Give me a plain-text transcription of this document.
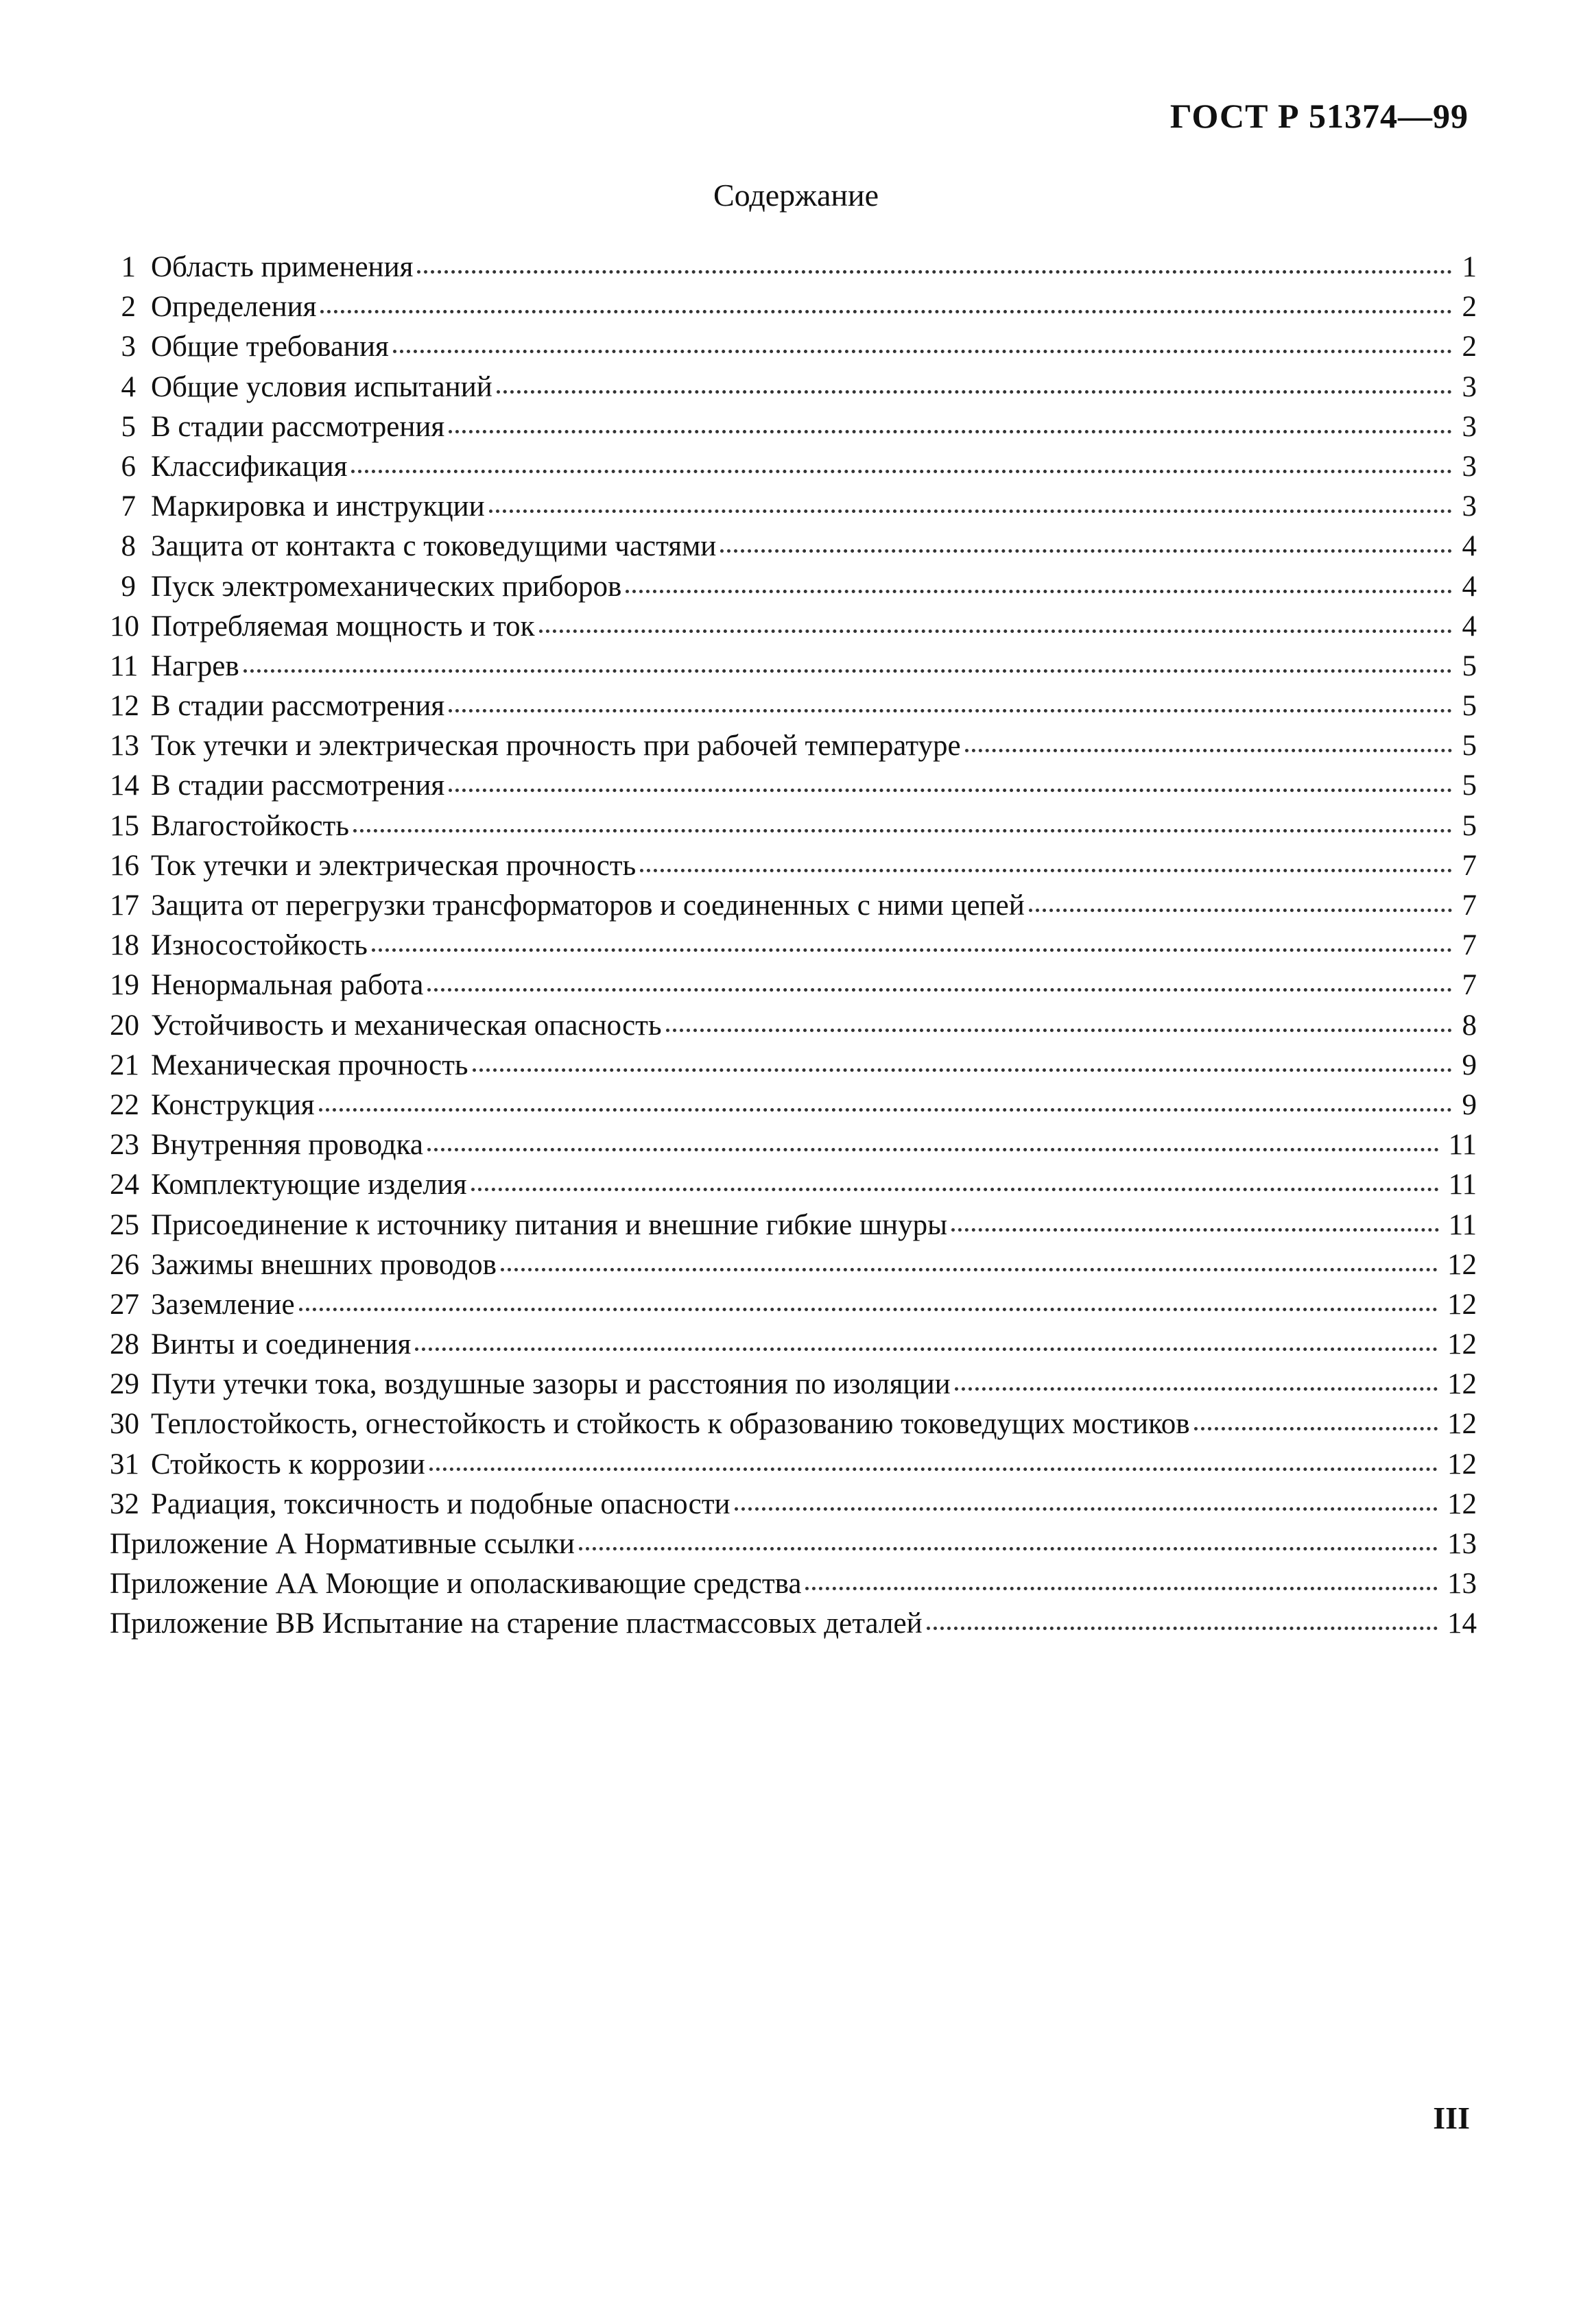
ГОСТ Р 51374—99
Содержание
1 Область применения	1
2 Определения	2
3 Общие требования	2
4 Общие условия испытаний	3
5 В стадии рассмотрения	3
6 Классификация	3
7 Маркировка и инструкции	3
8 Защита от контакта с токоведущими частями	4
9 Пуск электромеханических приборов	4
10 Потребляемая мощность и ток	4
11 Нагрев	5
12 В стадии рассмотрения	5
13 Ток утечки и электрическая прочность при рабочей температуре	5
14 В стадии рассмотрения	5
15 Влагостойкость	5
16 Ток утечки и электрическая прочность	7
17 Защита от перегрузки трансформаторов и соединенных с ними цепей	7
18 Износостойкость	7
19 Ненормальная работа	7
20 Устойчивость и механическая опасность	8
21 Механическая прочность	9
22 Конструкция	9
23 Внутренняя проводка	11
24 Комплектующие изделия	11
25 Присоединение к источнику питания и внешние гибкие шнуры	11
26 Зажимы внешних проводов	12
27 Заземление	12
28 Винты и соединения	12
29 Пути утечки тока, воздушные зазоры и расстояния по изоляции	12
30 Теплостойкость, огнестойкость и стойкость к образованию токоведущих мостиков	12
31 Стойкость к коррозии	12
32 Радиация, токсичность и подобные опасности	12
Приложение А Нормативные ссылки	13
Приложение АА Моющие и ополаскивающие средства	13
Приложение ВВ Испытание на старение пластмассовых деталей	14
III
